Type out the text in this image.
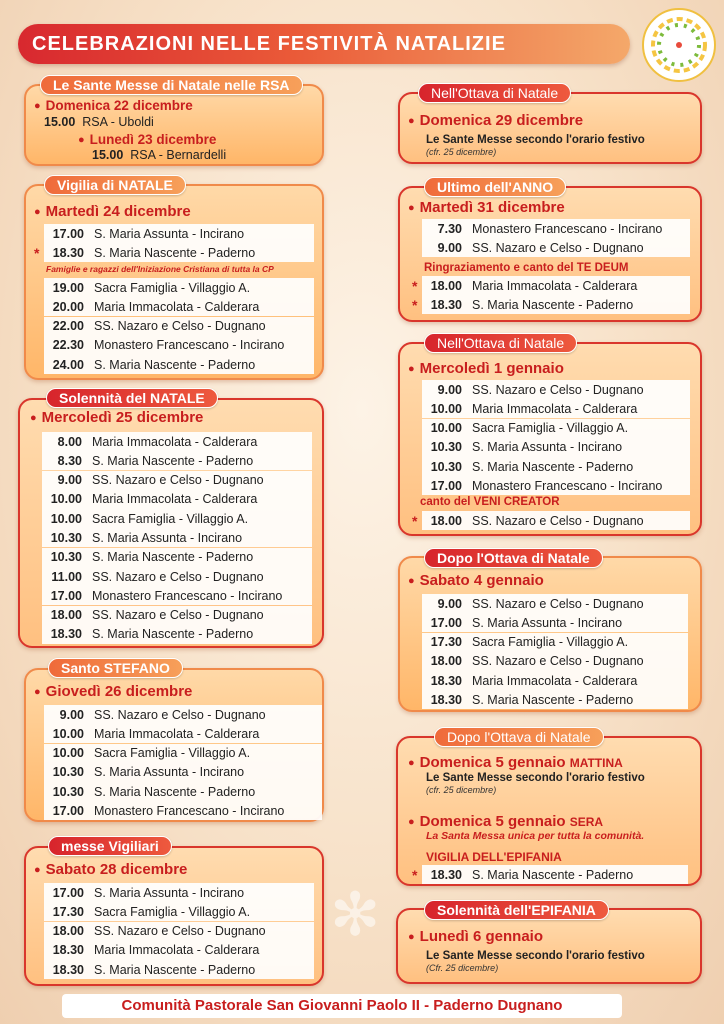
✻
CELEBRAZIONI NELLE FESTIVITÀ NATALIZIE
● Domenica 22 dicembre
15.00 RSA - Uboldi
● Lunedì 23 dicembre
15.00 RSA - Bernardelli
Le Sante Messe di Natale nelle RSA
● Martedì 24 dicembre
17.00 S. Maria Assunta - Incirano
*	18.30 S. Maria Nascente - Paderno
Famiglie e ragazzi dell'Iniziazione Cristiana di tutta la CP
19.00 Sacra Famiglia - Villaggio A.
20.00 Maria Immacolata - Calderara
22.00 SS. Nazaro e Celso - Dugnano
22.30 Monastero Francescano - Incirano
24.00 S. Maria Nascente - Paderno
Vigilia di NATALE
● Mercoledì 25 dicembre
8.00 Maria Immacolata - Calderara
8.30 S. Maria Nascente - Paderno
9.00 SS. Nazaro e Celso - Dugnano
10.00 Maria Immacolata - Calderara
10.00 Sacra Famiglia - Villaggio A.
10.30 S. Maria Assunta - Incirano
10.30 S. Maria Nascente - Paderno
11.00 SS. Nazaro e Celso - Dugnano
17.00 Monastero Francescano - Incirano
18.00 SS. Nazaro e Celso - Dugnano
18.30 S. Maria Nascente - Paderno
Solennità del NATALE
● Giovedì 26 dicembre
9.00 SS. Nazaro e Celso - Dugnano
10.00 Maria Immacolata - Calderara
10.00 Sacra Famiglia - Villaggio A.
10.30 S. Maria Assunta - Incirano
10.30 S. Maria Nascente - Paderno
17.00 Monastero Francescano - Incirano
Santo STEFANO
● Sabato 28 dicembre
17.00 S. Maria Assunta - Incirano
17.30 Sacra Famiglia - Villaggio A.
18.00 SS. Nazaro e Celso - Dugnano
18.30 Maria Immacolata - Calderara
18.30 S. Maria Nascente - Paderno
messe Vigiliari
● Domenica 29 dicembre
Le Sante Messe secondo l'orario festivo
(cfr. 25 dicembre)
Nell'Ottava di Natale
● Martedì 31 dicembre
7.30 Monastero Francescano - Incirano
9.00 SS. Nazaro e Celso - Dugnano
Ringraziamento e canto del TE DEUM
*	18.00 Maria Immacolata - Calderara
*	18.30 S. Maria Nascente - Paderno
Ultimo dell'ANNO
● Mercoledì 1 gennaio
9.00 SS. Nazaro e Celso - Dugnano
10.00 Maria Immacolata - Calderara
10.00 Sacra Famiglia - Villaggio A.
10.30 S. Maria Assunta - Incirano
10.30 S. Maria Nascente - Paderno
17.00 Monastero Francescano - Incirano
canto del VENI CREATOR
*	18.00 SS. Nazaro e Celso - Dugnano
Nell'Ottava di Natale
● Sabato 4 gennaio
9.00 SS. Nazaro e Celso - Dugnano
17.00 S. Maria Assunta - Incirano
17.30 Sacra Famiglia - Villaggio A.
18.00 SS. Nazaro e Celso - Dugnano
18.30 Maria Immacolata - Calderara
18.30 S. Maria Nascente - Paderno
Dopo l'Ottava di Natale
● Domenica 5 gennaio MATTINA
Le Sante Messe secondo l'orario festivo
(cfr. 25 dicembre)
● Domenica 5 gennaio SERA
La Santa Messa unica per tutta la comunità.
VIGILIA DELL'EPIFANIA
*	18.30 S. Maria Nascente - Paderno
Dopo l'Ottava di Natale
● Lunedì 6 gennaio
Le Sante Messe secondo l'orario festivo
(Cfr. 25 dicembre)
Solennità dell'EPIFANIA
Comunità Pastorale San Giovanni Paolo II - Paderno Dugnano
